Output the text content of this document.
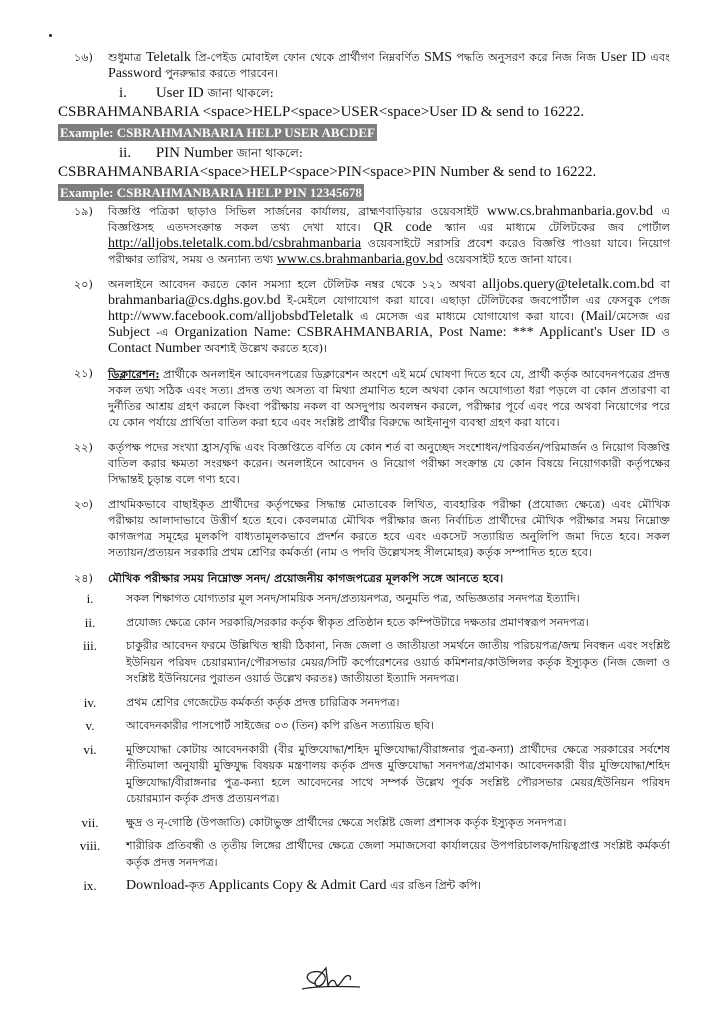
১৬) শুধুমাত্র Teletalk প্রি-পেইড মোবাইল ফোন থেকে প্রার্থীগণ নিম্নবর্ণিত SMS পদ্ধতি অনুসরণ করে নিজ নিজ User ID এবং Password পুনরুদ্ধার করতে পারবেন।
i. User ID জানা থাকলে:
CSBRAHMANBARIA <space>HELP<space>USER<space>User ID & send to 16222.
Example: CSBRAHMANBARIA HELP USER ABCDEF
ii. PIN Number জানা থাকলে:
CSBRAHMANBARIA<space>HELP<space>PIN<space>PIN Number & send to 16222.
Example: CSBRAHMANBARIA HELP PIN 12345678
১৯) বিজ্ঞপ্তি পত্রিকা ছাড়াও সিভিল সার্জনের কার্যালয়, ব্রাহ্মণবাড়িয়ার ওয়েবসাইট www.cs.brahmanbaria.gov.bd এ বিজ্ঞপ্তিসহ এতদসংক্রান্ত সকল তথ্য দেখা যাবে। QR code স্ক্যান এর মাধ্যমে টেলিটকের জব পোর্টাল http://alljobs.teletalk.com.bd/csbrahmanbaria ওয়েবসাইটে সরাসরি প্রবেশ করেও বিজ্ঞপ্তি পাওয়া যাবে। নিয়োগ পরীক্ষার তারিখ, সময় ও অন্যান্য তথ্য www.cs.brahmanbaria.gov.bd ওয়েবসাইট হতে জানা যাবে।
২০) অনলাইনে আবেদন করতে কোন সমস্যা হলে টেলিটক নম্বর থেকে ১২১ অথবা alljobs.query@teletalk.com.bd বা brahmanbaria@cs.dghs.gov.bd ই-মেইলে যোগাযোগ করা যাবে। এছাড়া টেলিটকের জবপোর্টাল এর ফেসবুক পেজ http://www.facebook.com/alljobsbdTeletalk এ মেসেজ এর মাধ্যমে যোগাযোগ করা যাবে। (Mail/মেসেজ এর Subject -এ Organization Name: CSBRAHMANBARIA, Post Name: *** Applicant's User ID ও Contact Number অবশ্যই উল্লেখ করতে হবে)।
২১) ডিক্লারেশন: প্রার্থীকে অনলাইন আবেদনপত্রের ডিক্লারেশন অংশে এই মর্মে ঘোষণা দিতে হবে যে, প্রার্থী কর্তৃক আবেদনপত্রের প্রদত্ত সকল তথ্য সঠিক এবং সত্য। প্রদত্ত তথ্য অসত্য বা মিথ্যা প্রমাণিত হলে অথবা কোন অযোগ্যতা ধরা পড়লে বা কোন প্রতারণা বা দুর্নীতির আশ্রয় গ্রহণ করলে কিংবা পরীক্ষায় নকল বা অসদুপায় অবলম্বন করলে, পরীক্ষার পূর্বে এবং পরে অথবা নিয়োগের পরে যে কোন পর্যায়ে প্রার্থিতা বাতিল করা হবে এবং সংশ্লিষ্ট প্রার্থীর বিরুদ্ধে আইনানুগ ব্যবস্থা গ্রহণ করা যাবে।
২২) কর্তৃপক্ষ পদের সংখ্যা হ্রাস/বৃদ্ধি এবং বিজ্ঞপ্তিতে বর্ণিত যে কোন শর্ত বা অনুচ্ছেদ সংশোধন/পরিবর্তন/পরিমার্জন ও নিয়োগ বিজ্ঞপ্তি বাতিল করার ক্ষমতা সংরক্ষণ করেন। অনলাইনে আবেদন ও নিয়োগ পরীক্ষা সংক্রান্ত যে কোন বিষয়ে নিয়োগকারী কর্তৃপক্ষের সিদ্ধান্তই চূড়ান্ত বলে গণ্য হবে।
২৩) প্রাথমিকভাবে বাছাইকৃত প্রার্থীদের কর্তৃপক্ষের সিদ্ধান্ত মোতাবেক লিখিত, ব্যবহারিক পরীক্ষা (প্রযোজ্য ক্ষেত্রে) এবং মৌখিক পরীক্ষায় আলাদাভাবে উত্তীর্ণ হতে হবে। কেবলমাত্র মৌখিক পরীক্ষার জন্য নির্বাচিত প্রার্থীদের মৌখিক পরীক্ষার সময় নিম্নোক্ত কাগজপত্র সমূহের মূলকপি বাধ্যতামূলকভাবে প্রদর্শন করতে হবে এবং একসেট সত্যায়িত অনুলিপি জমা দিতে হবে। সকল সত্যায়ন/প্রত্যয়ন সরকারি প্রথম শ্রেণির কর্মকর্তা (নাম ও পদবি উল্লেখসহ সীলমোহর) কর্তৃক সম্পাদিত হতে হবে।
২৪) মৌখিক পরীক্ষার সময় নিম্নোক্ত সনদ/ প্রয়োজনীয় কাগজপত্রের মূলকপি সঙ্গে আনতে হবে।
i.	সকল শিক্ষাগত যোগ্যতার মূল সনদ/সাময়িক সনদ/প্রত্যয়নপত্র, অনুমতি পত্র, অভিজ্ঞতার সনদপত্র ইত্যাদি।
ii.	প্রযোজ্য ক্ষেত্রে কোন সরকারি/সরকার কর্তৃক স্বীকৃত প্রতিষ্ঠান হতে কম্পিউটারে দক্ষতার প্রমাণস্বরূপ সনদপত্র।
iii.	চাকুরীর আবেদন ফরমে উল্লিখিত স্থায়ী ঠিকানা, নিজ জেলা ও জাতীয়তা সমর্থনে জাতীয় পরিচয়পত্র/জন্ম নিবন্ধন এবং সংশ্লিষ্ট ইউনিয়ন পরিষদ চেয়ারম্যান/পৌরসভার মেয়র/সিটি কর্পোরেশনের ওয়ার্ড কমিশনার/কাউন্সিলর কর্তৃক ইস্যুকৃত (নিজ জেলা ও সংশ্লিষ্ট ইউনিয়নের পুরাতন ওয়ার্ড উল্লেখ করতঃ) জাতীয়তা ইত্যাদি সনদপত্র।
iv.	প্রথম শ্রেণির গেজেটেড কর্মকর্তা কর্তৃক প্রদত্ত চারিত্রিক সনদপত্র।
v.	আবেদনকারীর পাসপোর্ট সাইজের ০৩ (তিন) কপি রঙিন সত্যায়িত ছবি।
vi.	মুক্তিযোদ্ধা কোটায় আবেদনকারী (বীর মুক্তিযোদ্ধা/শহিদ মুক্তিযোদ্ধা/বীরাঙ্গনার পুত্র-কন্যা) প্রার্থীদের ক্ষেত্রে সরকারের সর্বশেষ নীতিমালা অনুযায়ী মুক্তিযুদ্ধ বিষয়ক মন্ত্রণালয় কর্তৃক প্রদত্ত মুক্তিযোদ্ধা সনদপত্র/প্রমাণক। আবেদনকারী বীর মুক্তিযোদ্ধা/শহিদ মুক্তিযোদ্ধা/বীরাঙ্গনার পুত্র-কন্যা হলে আবেদনের সাথে সম্পর্ক উল্লেখ পূর্বক সংশ্লিষ্ট পৌরসভার মেয়র/ইউনিয়ন পরিষদ চেয়ারম্যান কর্তৃক প্রদত্ত প্রত্যয়নপত্র।
vii.	ক্ষুদ্র ও নৃ-গোষ্ঠি (উপজাতি) কোটাভুক্ত প্রার্থীদের ক্ষেত্রে সংশ্লিষ্ট জেলা প্রশাসক কর্তৃক ইস্যুকৃত সনদপত্র।
viii.	শারীরিক প্রতিবন্ধী ও তৃতীয় লিঙ্গের প্রার্থীদের ক্ষেত্রে জেলা সমাজসেবা কার্যালয়ের উপপরিচালক/দায়িত্বপ্রাপ্ত সংশ্লিষ্ট কর্মকর্তা কর্তৃক প্রদত্ত সনদপত্র।
ix.	Download-কৃত Applicants Copy & Admit Card এর রঙিন প্রিন্ট কপি।
